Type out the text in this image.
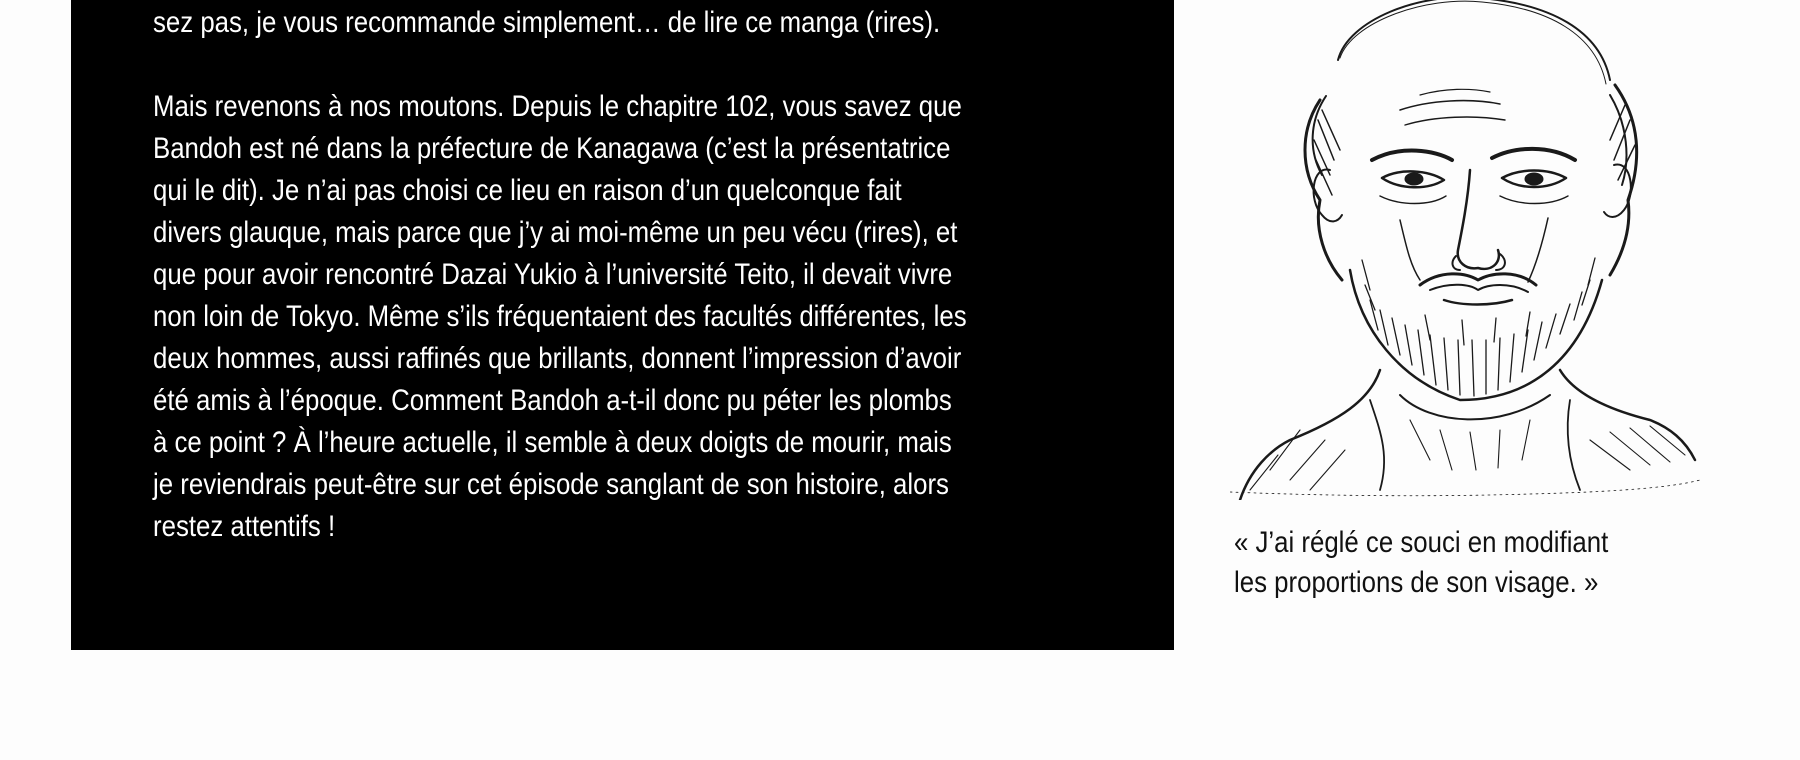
sez pas, je vous recommande simplement… de lire ce manga (rires).

Mais revenons à nos moutons. Depuis le chapitre 102, vous savez que

Bandoh est né dans la préfecture de Kanagawa (c’est la présentatrice

qui le dit). Je n’ai pas choisi ce lieu en raison d’un quelconque fait

divers glauque, mais parce que j’y ai moi-même un peu vécu (rires), et

que pour avoir rencontré Dazai Yukio à l’université Teito, il devait vivre

non loin de Tokyo. Même s’ils fréquentaient des facultés différentes, les

deux hommes, aussi raffinés que brillants, donnent l’impression d’avoir

été amis à l’époque. Comment Bandoh a-t-il donc pu péter les plombs

à ce point ? À l’heure actuelle, il semble à deux doigts de mourir, mais

je reviendrais peut-être sur cet épisode sanglant de son histoire, alors

restez attentifs !	« J’ai réglé ce souci en modifiant
les proportions de son visage. »
